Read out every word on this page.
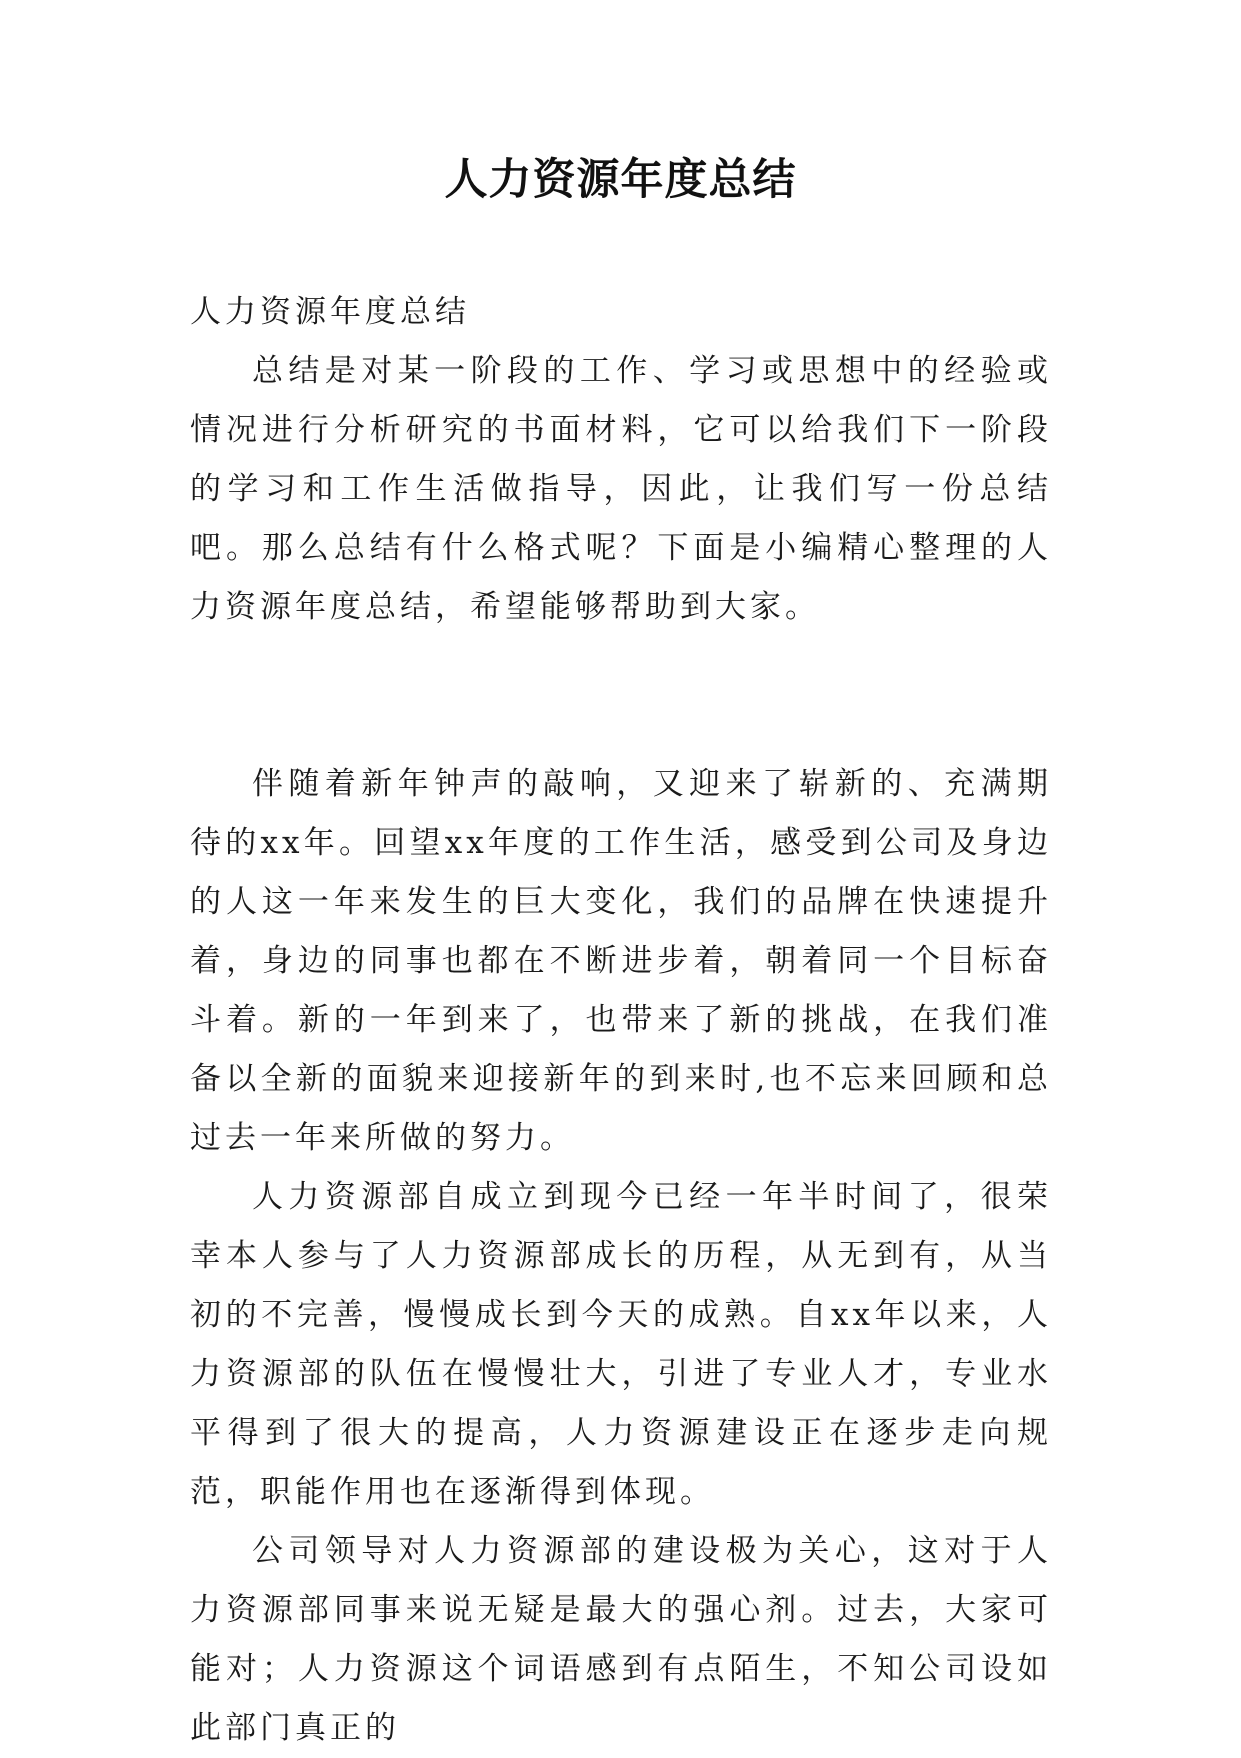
人力资源年度总结

人力资源年度总结

总结是对某一阶段的工作、学习或思想中的经验或情况进行分析研究的书面材料，它可以给我们下一阶段的学习和工作生活做指导，因此，让我们写一份总结吧。那么总结有什么格式呢？下面是小编精心整理的人力资源年度总结，希望能够帮助到大家。

伴随着新年钟声的敲响，又迎来了崭新的、充满期待的xx年。回望xx年度的工作生活，感受到公司及身边的人这一年来发生的巨大变化，我们的品牌在快速提升着，身边的同事也都在不断进步着，朝着同一个目标奋斗着。新的一年到来了，也带来了新的挑战，在我们准备以全新的面貌来迎接新年的到来时,也不忘来回顾和总过去一年来所做的努力。

人力资源部自成立到现今已经一年半时间了，很荣幸本人参与了人力资源部成长的历程，从无到有，从当初的不完善，慢慢成长到今天的成熟。自xx年以来，人力资源部的队伍在慢慢壮大，引进了专业人才，专业水平得到了很大的提高，人力资源建设正在逐步走向规范，职能作用也在逐渐得到体现。

公司领导对人力资源部的建设极为关心，这对于人力资源部同事来说无疑是最大的强心剂。过去，大家可能对；人力资源这个词语感到有点陌生，不知公司设如此部门真正的
